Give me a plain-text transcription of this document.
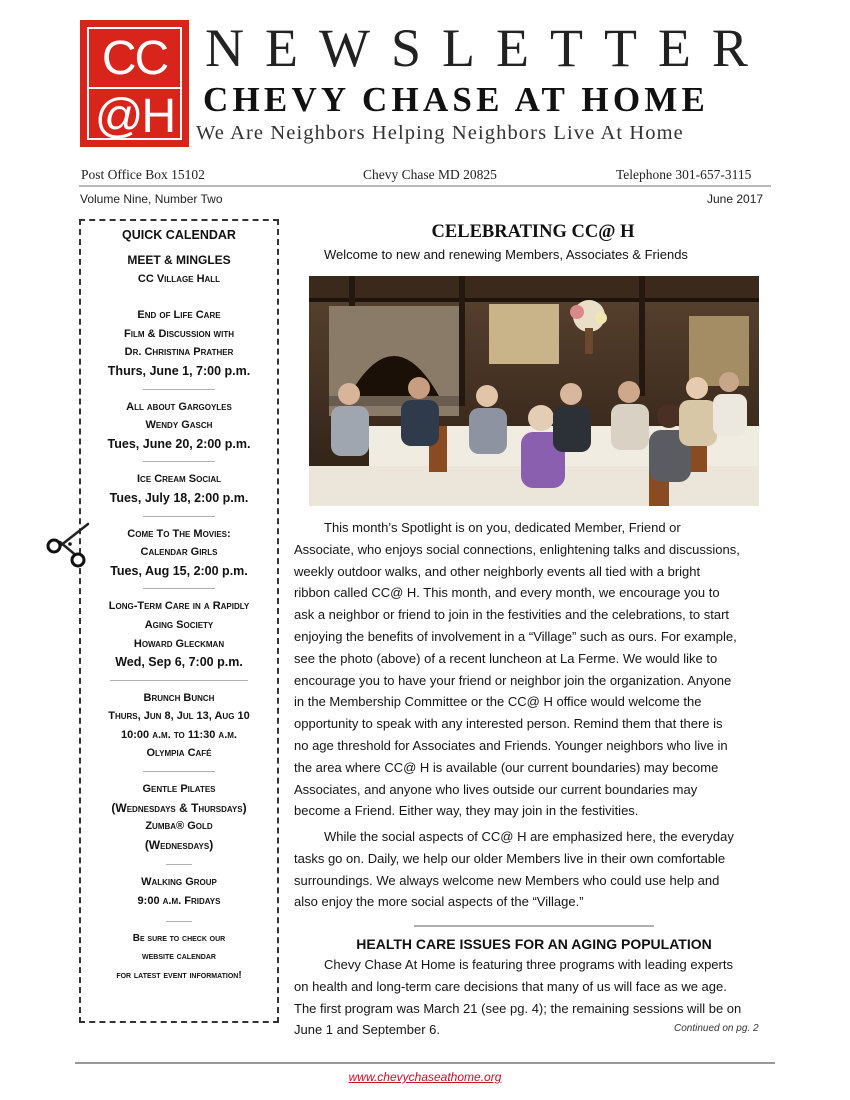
CC
@H
NEWSLETTER
CHEVY CHASE AT HOME
We Are Neighbors Helping Neighbors Live At Home
Post Office Box 15102	Chevy Chase MD 20825	Telephone 301-657-3115
Volume Nine, Number Two	June 2017
QUICK CALENDAR
MEET & MINGLES
CC Village Hall
End of Life Care
Film & Discussion with
Dr. Christina Prather
Thurs, June 1, 7:00 p.m.
All about Gargoyles
Wendy Gasch
Tues, June 20, 2:00 p.m.
Ice Cream Social
Tues, July 18, 2:00 p.m.
Come To The Movies:
Calendar Girls
Tues, Aug 15, 2:00 p.m.
Long-Term Care in a Rapidly
Aging Society
Howard Gleckman
Wed, Sep 6, 7:00 p.m.
Brunch Bunch
Thurs, Jun 8, Jul 13, Aug 10
10:00 a.m. to 11:30 a.m.
Olympia Café
Gentle Pilates
(Wednesdays & Thursdays)
Zumba® Gold
(Wednesdays)
Walking Group
9:00 a.m. Fridays
Be sure to check our
website calendar
for latest event information!
CELEBRATING CC@ H
Welcome to new and renewing Members, Associates & Friends
This month’s Spotlight is on you, dedicated Member, Friend or
Associate, who enjoys social connections, enlightening talks and discussions,
weekly outdoor walks, and other neighborly events all tied with a bright
ribbon called CC@ H. This month, and every month, we encourage you to
ask a neighbor or friend to join in the festivities and the celebrations, to start
enjoying the benefits of involvement in a “Village” such as ours. For example,
see the photo (above) of a recent luncheon at La Ferme. We would like to
encourage you to have your friend or neighbor join the organization. Anyone
in the Membership Committee or the CC@ H office would welcome the
opportunity to speak with any interested person. Remind them that there is
no age threshold for Associates and Friends. Younger neighbors who live in
the area where CC@ H is available (our current boundaries) may become
Associates, and anyone who lives outside our current boundaries may
become a Friend. Either way, they may join in the festivities.
While the social aspects of CC@ H are emphasized here, the everyday
tasks go on. Daily, we help our older Members live in their own comfortable
surroundings. We always welcome new Members who could use help and
also enjoy the more social aspects of the “Village.”
HEALTH CARE ISSUES FOR AN AGING POPULATION
Chevy Chase At Home is featuring three programs with leading experts
on health and long-term care decisions that many of us will face as we age.
The first program was March 21 (see pg. 4); the remaining sessions will be on
June 1 and September 6.	Continued on pg. 2
www.chevychaseathome.org
